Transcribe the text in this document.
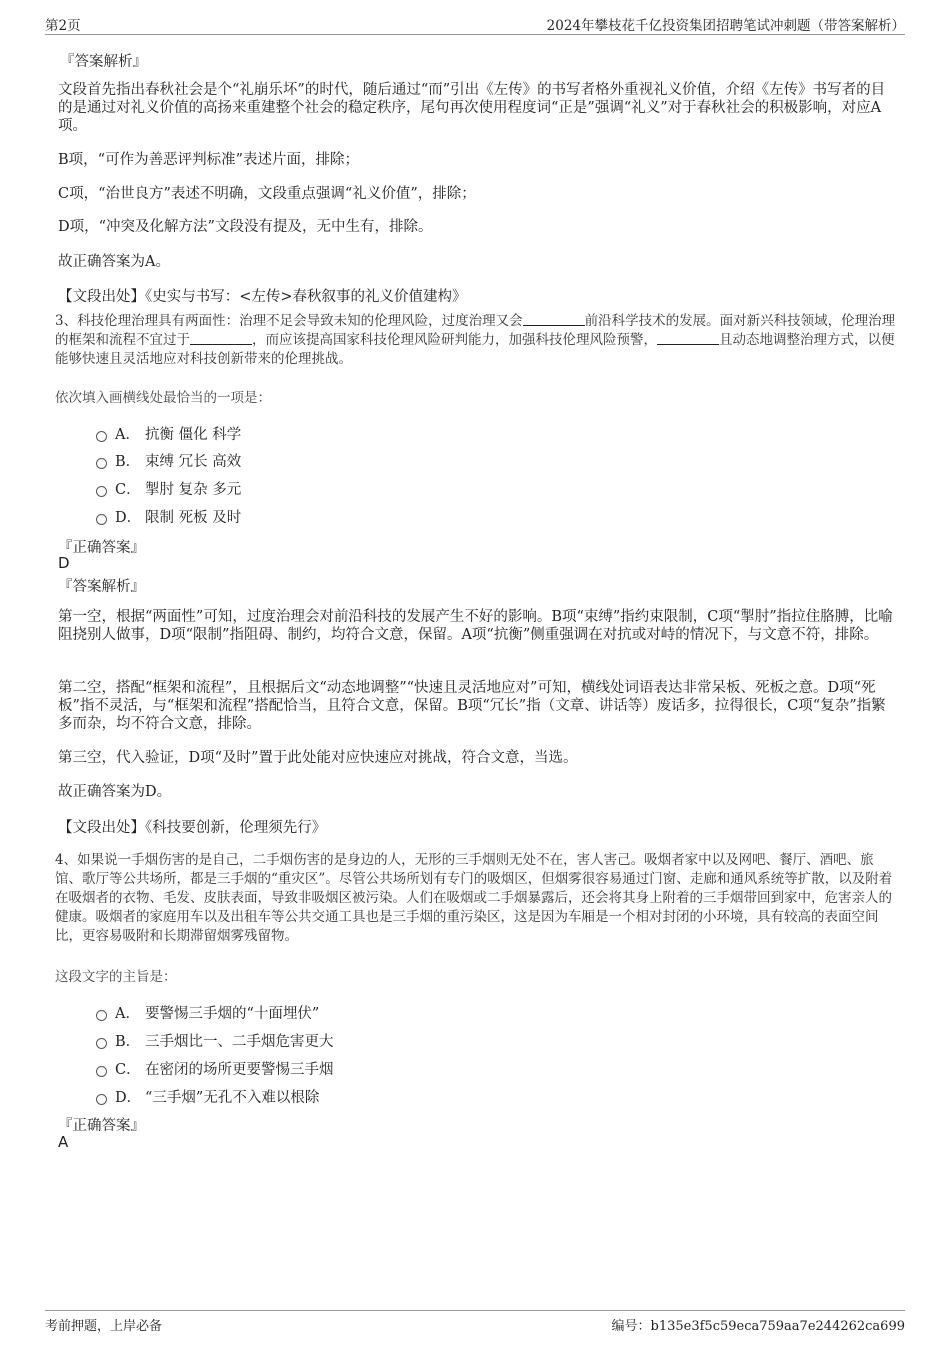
第2页	2024年攀枝花千亿投资集团招聘笔试冲刺题（带答案解析）
『答案解析』
文段首先指出春秋社会是个“礼崩乐坏”的时代，随后通过“而”引出《左传》的书写者格外重视礼义价值，介绍《左传》书写者的目的是通过对礼义价值的高扬来重建整个社会的稳定秩序，尾句再次使用程度词“正是”强调“礼义”对于春秋社会的积极影响，对应A项。
B项，“可作为善恶评判标准”表述片面，排除；
C项，“治世良方”表述不明确，文段重点强调“礼义价值”，排除；
D项，“冲突及化解方法”文段没有提及，无中生有，排除。
故正确答案为A。
【文段出处】《史实与书写：<左传>春秋叙事的礼义价值建构》
3、科技伦理治理具有两面性：治理不足会导致未知的伦理风险，过度治理又会	前沿科学技术的发展。面对新兴科技领域，伦理治理的框架和流程不宜过于	，而应该提高国家科技伦理风险研判能力，加强科技伦理风险预警，	且动态地调整治理方式，以便能够快速且灵活地应对科技创新带来的伦理挑战。
依次填入画横线处最恰当的一项是：
A． 抗衡 僵化 科学
B． 束缚 冗长 高效
C． 掣肘 复杂 多元
D． 限制 死板 及时
『正确答案』
D
『答案解析』
第一空，根据“两面性”可知，过度治理会对前沿科技的发展产生不好的影响。B项“束缚”指约束限制，C项“掣肘”指拉住胳膊，比喻阻挠别人做事，D项“限制”指阻碍、制约，均符合文意，保留。A项“抗衡”侧重强调在对抗或对峙的情况下，与文意不符，排除。
第二空，搭配“框架和流程”，且根据后文“动态地调整”“快速且灵活地应对”可知，横线处词语表达非常呆板、死板之意。D项“死板”指不灵活，与“框架和流程”搭配恰当，且符合文意，保留。B项“冗长”指（文章、讲话等）废话多，拉得很长，C项“复杂”指繁多而杂，均不符合文意，排除。
第三空，代入验证，D项“及时”置于此处能对应快速应对挑战，符合文意，当选。
故正确答案为D。
【文段出处】《科技要创新，伦理须先行》
4、如果说一手烟伤害的是自己，二手烟伤害的是身边的人，无形的三手烟则无处不在，害人害己。吸烟者家中以及网吧、餐厅、酒吧、旅馆、歌厅等公共场所，都是三手烟的“重灾区”。尽管公共场所划有专门的吸烟区，但烟雾很容易通过门窗、走廊和通风系统等扩散，以及附着在吸烟者的衣物、毛发、皮肤表面，导致非吸烟区被污染。人们在吸烟或二手烟暴露后，还会将其身上附着的三手烟带回到家中，危害亲人的健康。吸烟者的家庭用车以及出租车等公共交通工具也是三手烟的重污染区，这是因为车厢是一个相对封闭的小环境，具有较高的表面空间比，更容易吸附和长期滞留烟雾残留物。
这段文字的主旨是：
A． 要警惕三手烟的“十面埋伏”
B． 三手烟比一、二手烟危害更大
C． 在密闭的场所更要警惕三手烟
D． “三手烟”无孔不入难以根除
『正确答案』
A
考前押题，上岸必备	编号：b135e3f5c59eca759aa7e244262ca699
